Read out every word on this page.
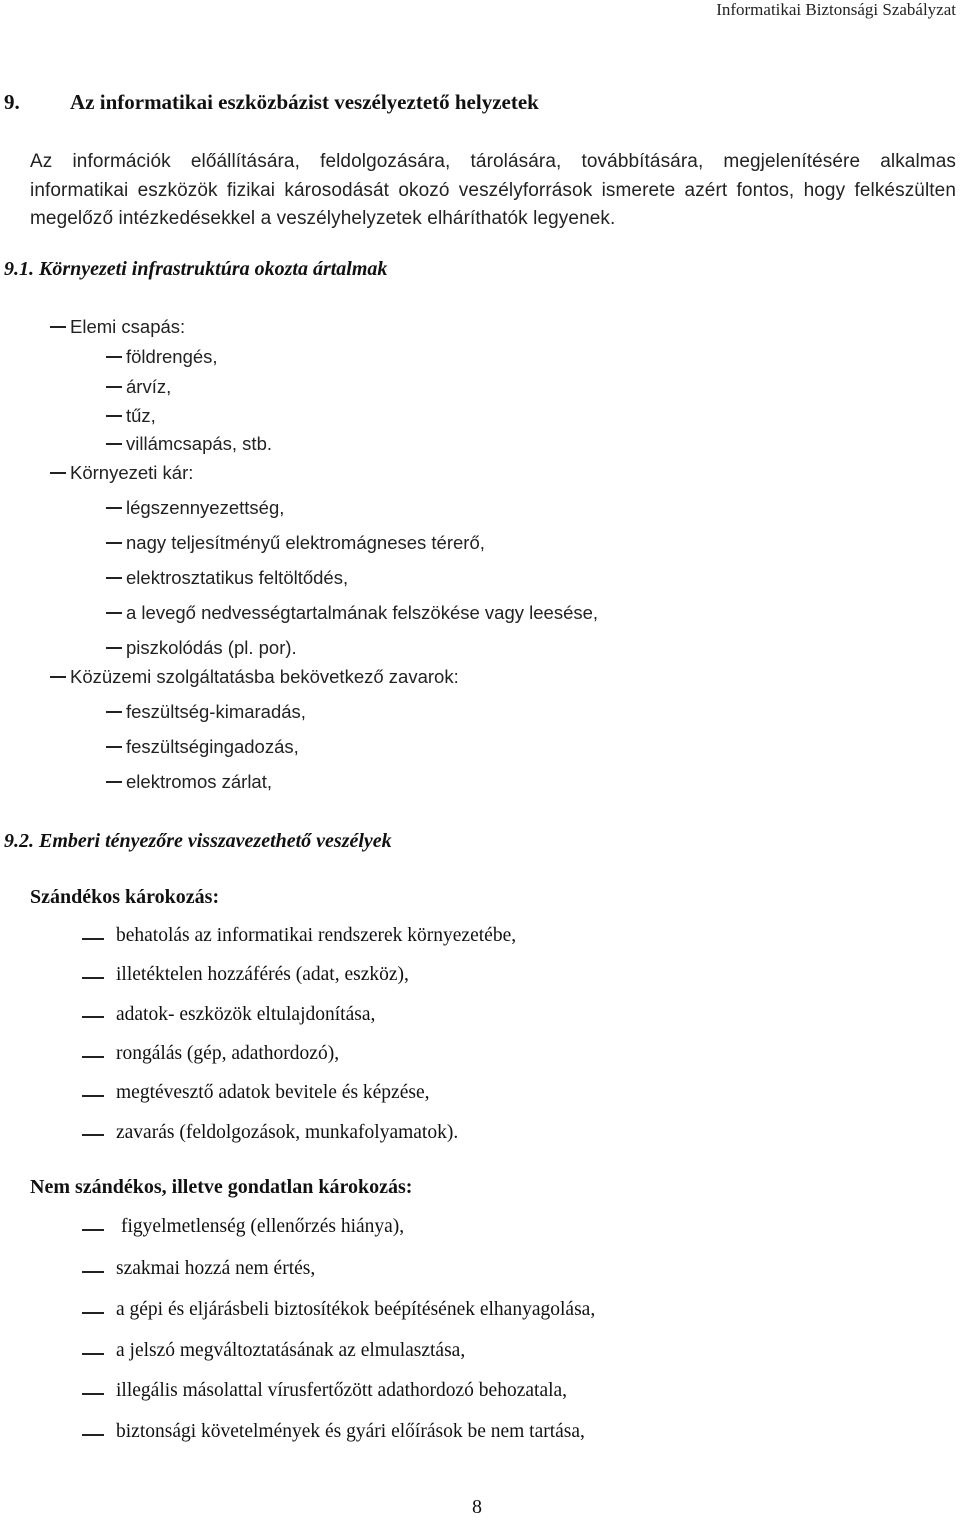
Informatikai Biztonsági Szabályzat
9. Az informatikai eszközbázist veszélyeztető helyzetek
Az információk előállítására, feldolgozására, tárolására, továbbítására, megjelenítésére alkalmas informatikai eszközök fizikai károsodását okozó veszélyforrások ismerete azért fontos, hogy felkészülten megelőző intézkedésekkel a veszélyhelyzetek elháríthatók legyenek.
9.1. Környezeti infrastruktúra okozta ártalmak
Elemi csapás:
földrengés,
árvíz,
tűz,
villámcsapás, stb.
Környezeti kár:
légszennyezettség,
nagy teljesítményű elektromágneses térerő,
elektrosztatikus feltöltődés,
a levegő nedvességtartalmának felszökése vagy leesése,
piszkolódás (pl. por).
Közüzemi szolgáltatásba bekövetkező zavarok:
feszültség-kimaradás,
feszültségingadozás,
elektromos zárlat,
9.2. Emberi tényezőre visszavezethető veszélyek
Szándékos károkozás:
behatolás az informatikai rendszerek környezetébe,
illetéktelen hozzáférés (adat, eszköz),
adatok- eszközök eltulajdonítása,
rongálás (gép, adathordozó),
megtévesztő adatok bevitele és képzése,
zavarás (feldolgozások, munkafolyamatok).
Nem szándékos, illetve gondatlan károkozás:
figyelmetlenség (ellenőrzés hiánya),
szakmai hozzá nem értés,
a gépi és eljárásbeli biztosítékok beépítésének elhanyagolása,
a jelszó megváltoztatásának az elmulasztása,
illegális másolattal vírusfertőzött adathordozó behozatala,
biztonsági követelmények és gyári előírások be nem tartása,
8
